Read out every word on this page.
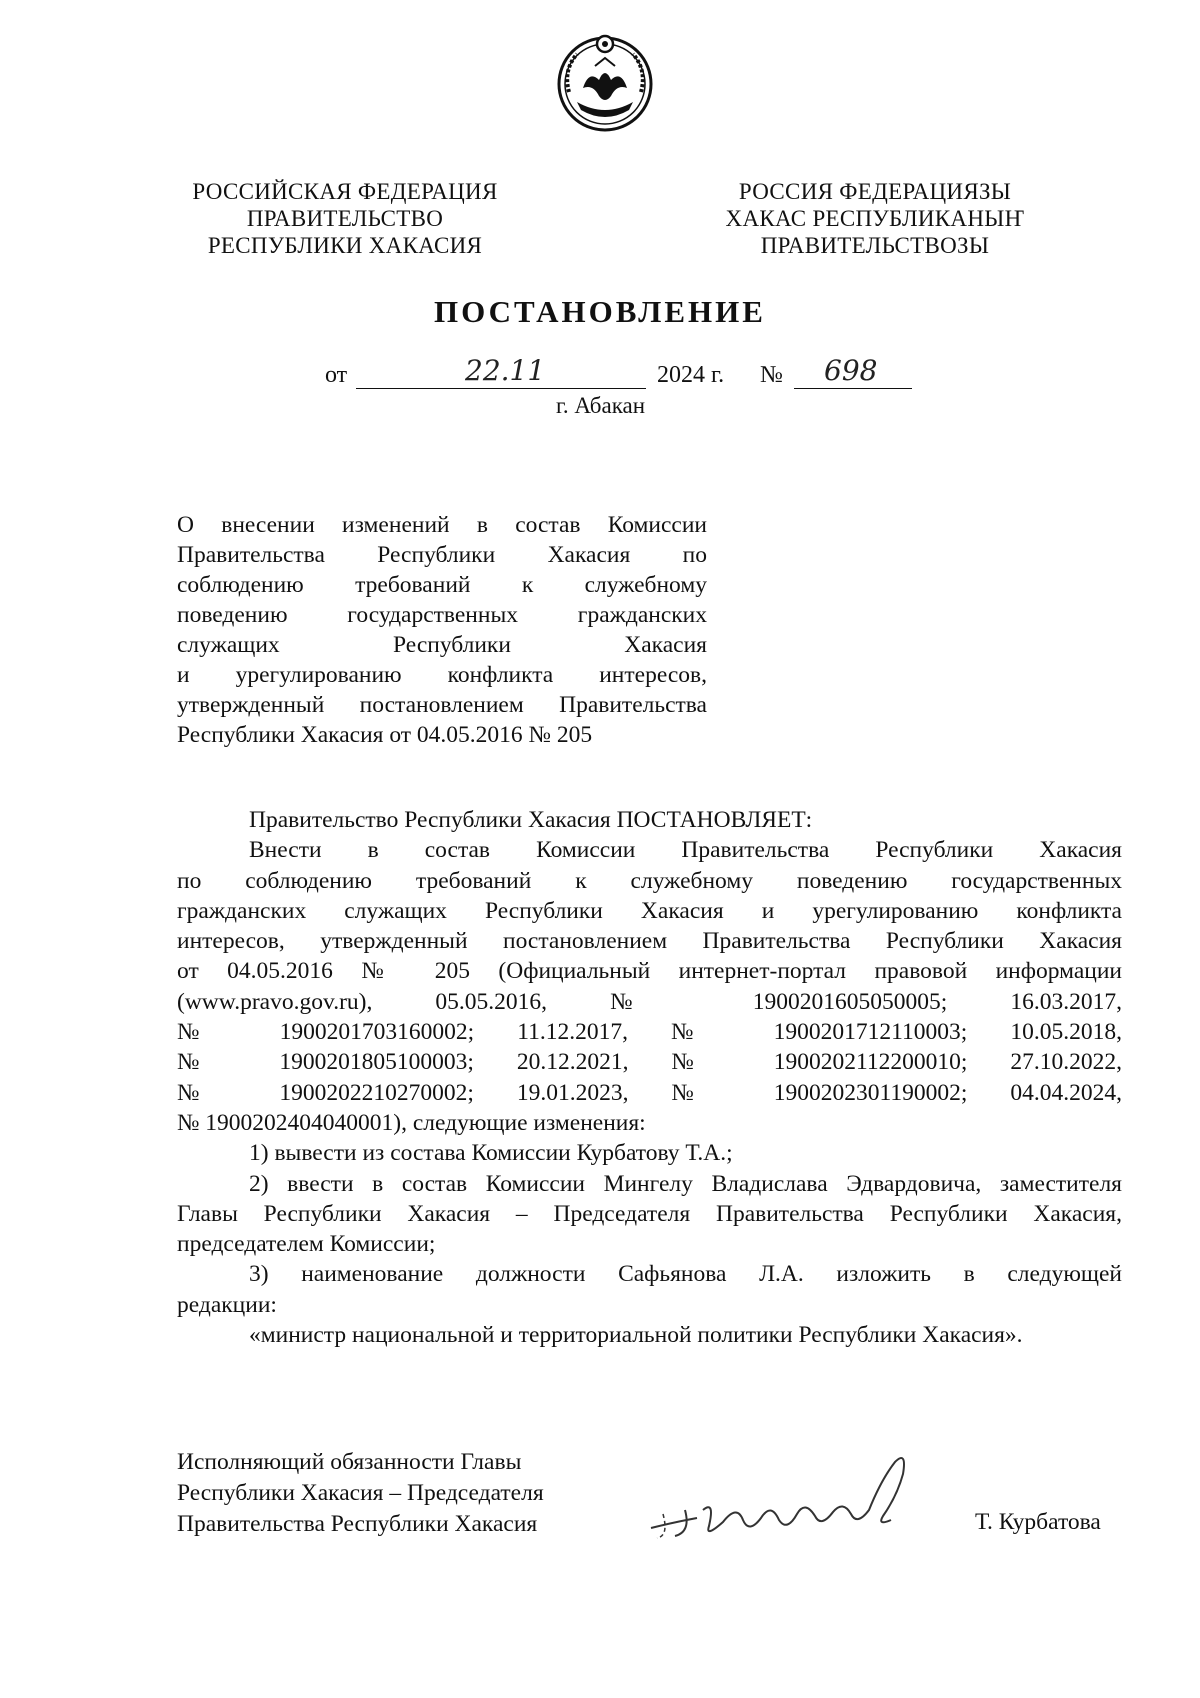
РОССИЙСКАЯ ФЕДЕРАЦИЯ
ПРАВИТЕЛЬСТВО
РЕСПУБЛИКИ ХАКАСИЯ
РОССИЯ ФЕДЕРАЦИЯЗЫ
ХАКАС РЕСПУБЛИКАНЫҤ
ПРАВИТЕЛЬСТВОЗЫ
ПОСТАНОВЛЕНИЕ
от	22.11	2024 г. № 698
г. Абакан
О внесении изменений в состав Комиссии
Правительства Республики Хакасия по
соблюдению требований к служебному
поведению государственных гражданских
служащих Республики Хакасия
и урегулированию конфликта интересов,
утвержденный постановлением Правительства
Республики Хакасия от 04.05.2016 № 205
Правительство Республики Хакасия ПОСТАНОВЛЯЕТ:
Внести в состав Комиссии Правительства Республики Хакасия
по соблюдению требований к служебному поведению государственных
гражданских служащих Республики Хакасия и урегулированию конфликта
интересов, утвержденный постановлением Правительства Республики Хакасия
от 04.05.2016 № 205 (Официальный интернет-портал правовой информации
(www.pravo.gov.ru), 05.05.2016, № 1900201605050005; 16.03.2017,
№ 1900201703160002; 11.12.2017, № 1900201712110003; 10.05.2018,
№ 1900201805100003; 20.12.2021, № 1900202112200010; 27.10.2022,
№ 1900202210270002; 19.01.2023, № 1900202301190002; 04.04.2024,
№ 1900202404040001), следующие изменения:
1) вывести из состава Комиссии Курбатову Т.А.;
2) ввести в состав Комиссии Мингелу Владислава Эдвардовича, заместителя
Главы Республики Хакасия – Председателя Правительства Республики Хакасия,
председателем Комиссии;
3) наименование должности Сафьянова Л.А. изложить в следующей
редакции:
«министр национальной и территориальной политики Республики Хакасия».
Исполняющий обязанности Главы
Республики Хакасия – Председателя
Правительства Республики Хакасия	Т. Курбатова
